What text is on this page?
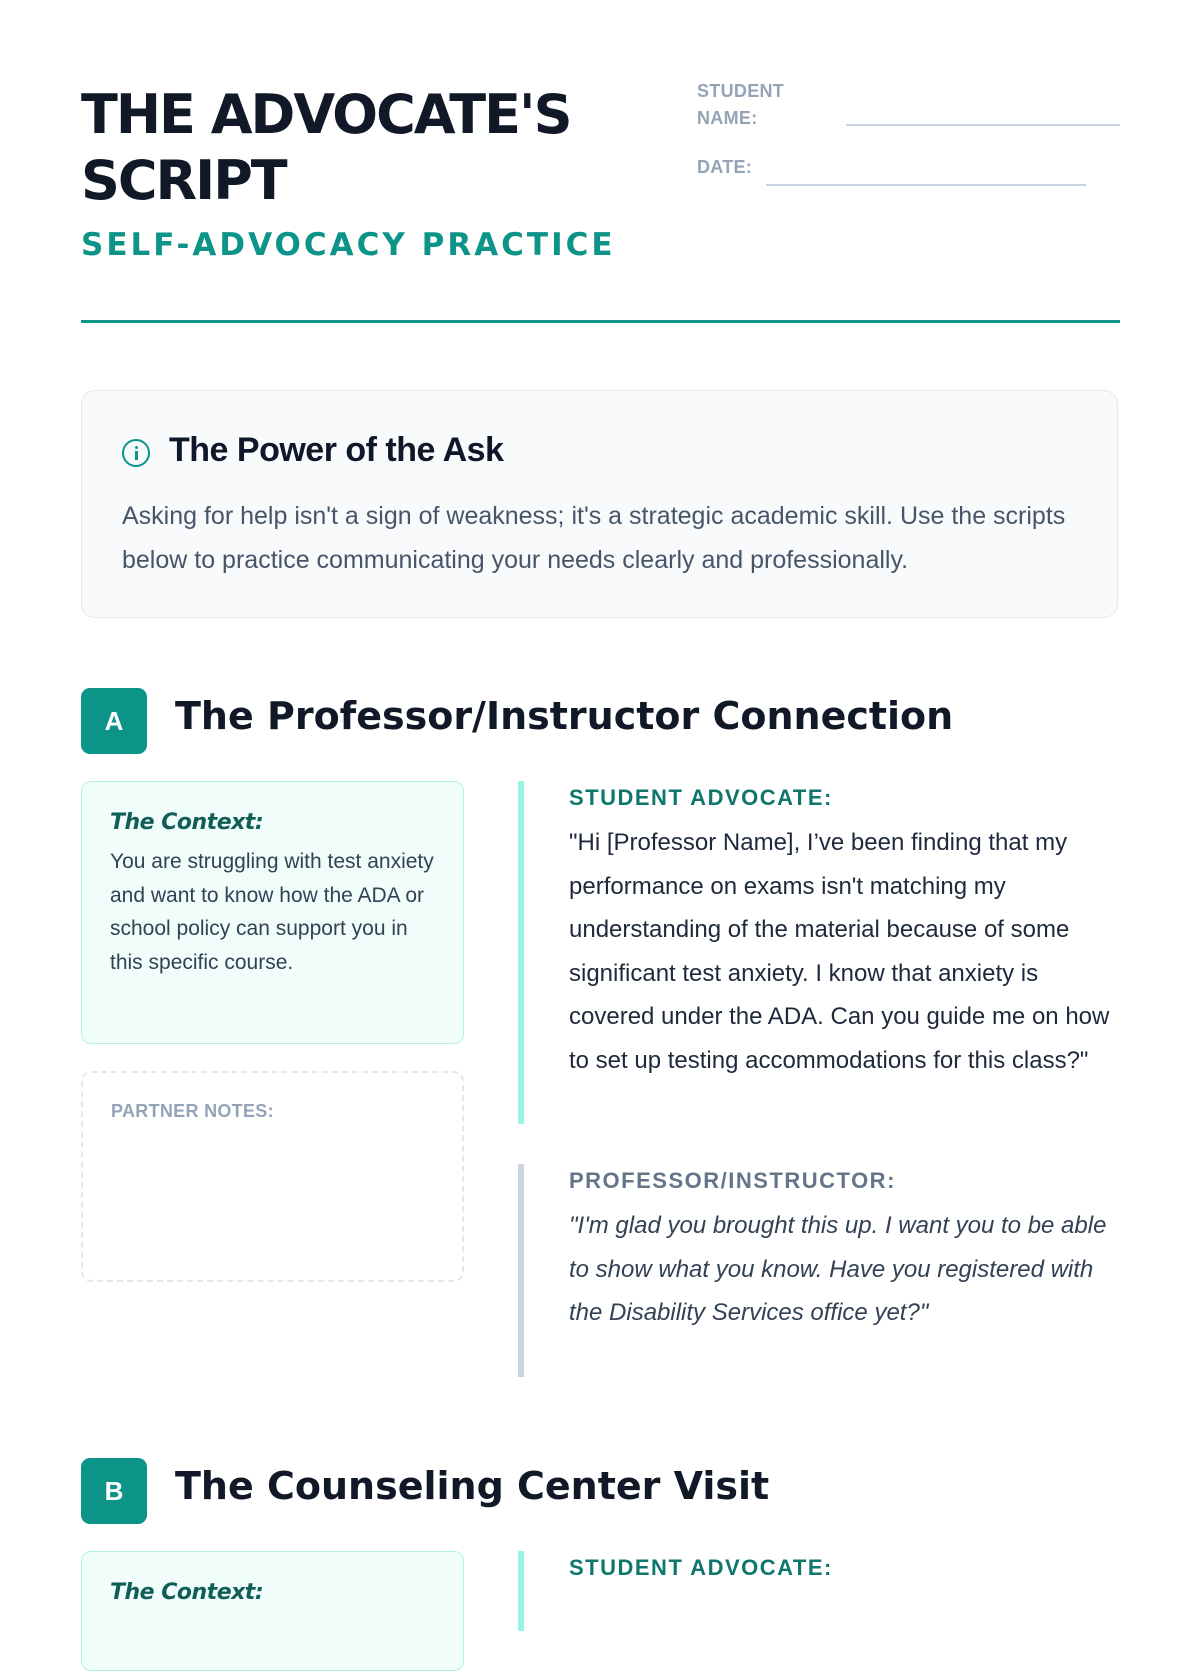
THE ADVOCATE'S SCRIPT
SELF-ADVOCACY PRACTICE
STUDENT NAME:
DATE:
The Power of the Ask
Asking for help isn't a sign of weakness; it's a strategic academic skill. Use the scripts below to practice communicating your needs clearly and professionally.
A	The Professor/Instructor Connection
The Context:
You are struggling with test anxiety and want to know how the ADA or school policy can support you in this specific course.
PARTNER NOTES:
STUDENT ADVOCATE:
"Hi [Professor Name], I’ve been finding that my performance on exams isn't matching my understanding of the material because of some significant test anxiety. I know that anxiety is covered under the ADA. Can you guide me on how to set up testing accommodations for this class?"
PROFESSOR/INSTRUCTOR:
"I'm glad you brought this up. I want you to be able to show what you know. Have you registered with the Disability Services office yet?"
B	The Counseling Center Visit
The Context:
STUDENT ADVOCATE:
